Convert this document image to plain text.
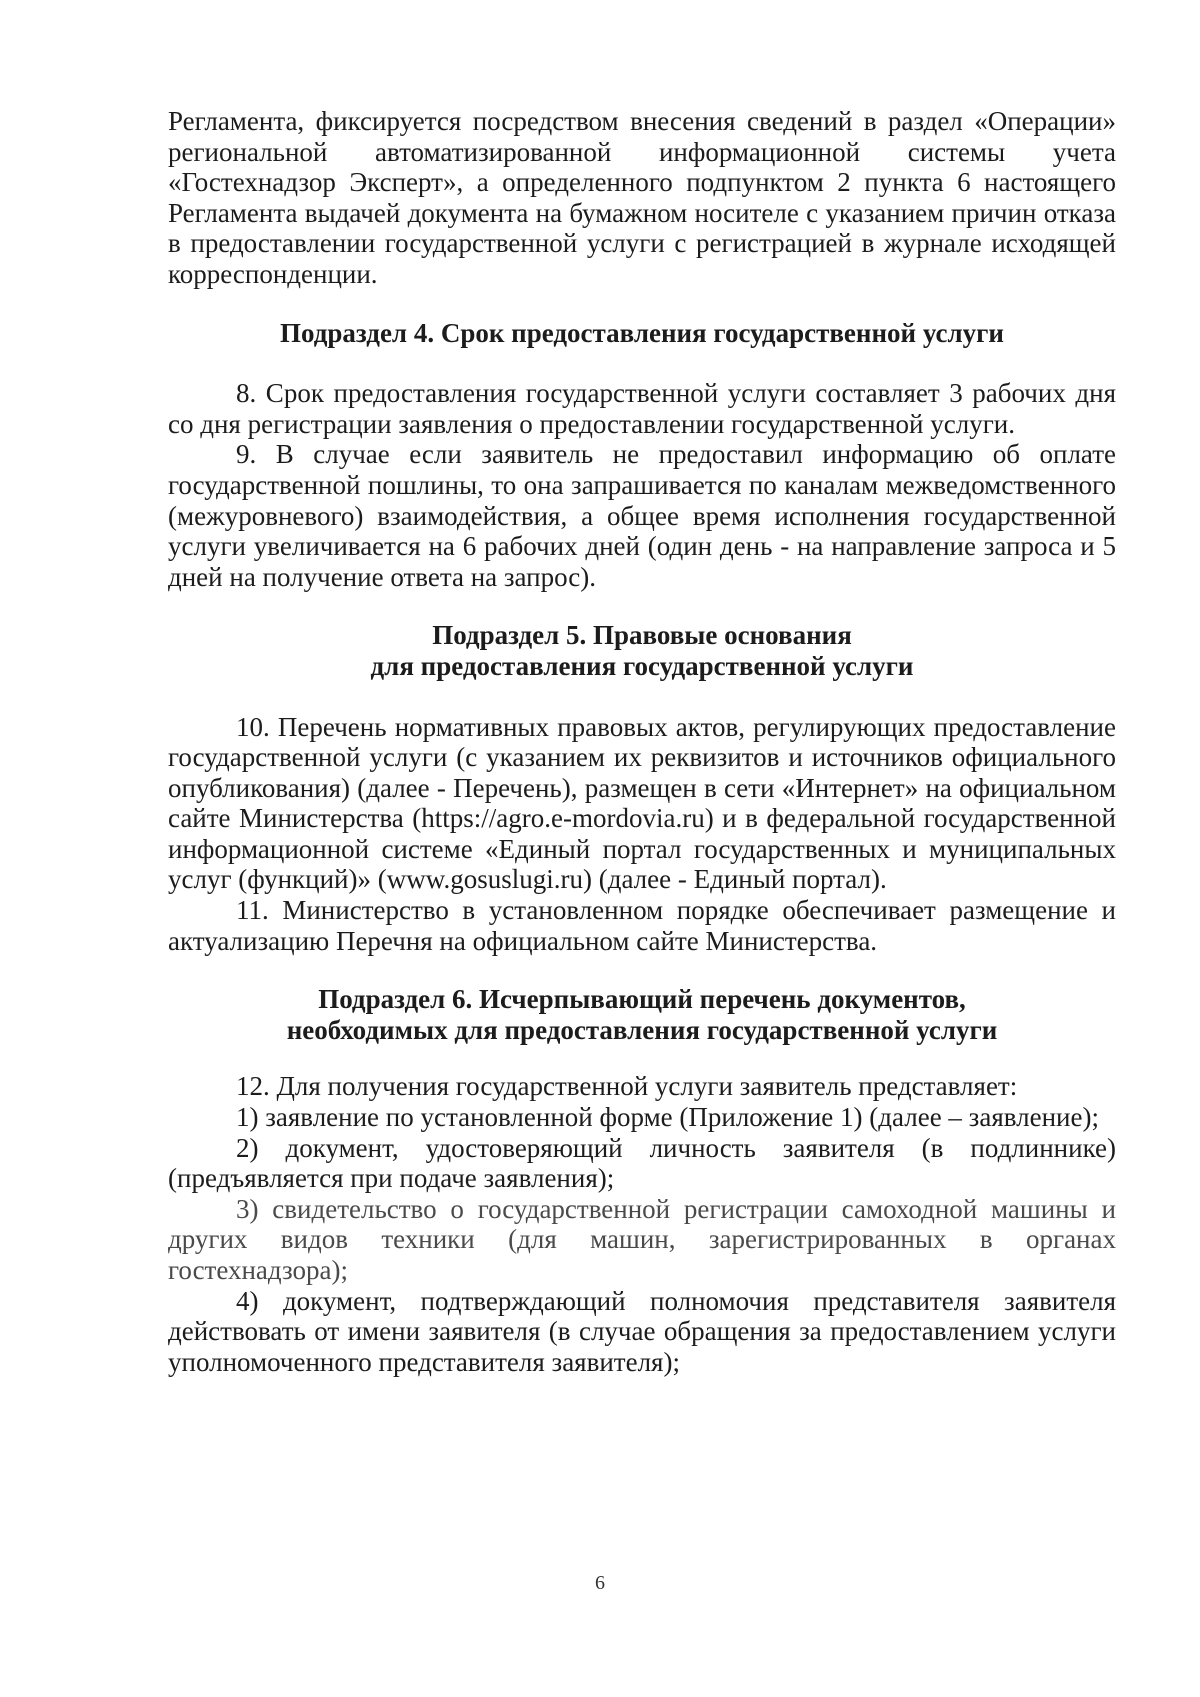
Регламента, фиксируется посредством внесения сведений в раздел «Операции» региональной автоматизированной информационной системы учета «Гостехнадзор Эксперт», а определенного подпунктом 2 пункта 6 настоящего Регламента выдачей документа на бумажном носителе с указанием причин отказа в предоставлении государственной услуги с регистрацией в журнале исходящей корреспонденции.

Подраздел 4. Срок предоставления государственной услуги

8. Срок предоставления государственной услуги составляет 3 рабочих дня со дня регистрации заявления о предоставлении государственной услуги.

9. В случае если заявитель не предоставил информацию об оплате государственной пошлины, то она запрашивается по каналам межведомственного (межуровневого) взаимодействия, а общее время исполнения государственной услуги увеличивается на 6 рабочих дней (один день - на направление запроса и 5 дней на получение ответа на запрос).

Подраздел 5. Правовые основания
для предоставления государственной услуги

10. Перечень нормативных правовых актов, регулирующих предоставление государственной услуги (с указанием их реквизитов и источников официального опубликования) (далее - Перечень), размещен в сети «Интернет» на официальном сайте Министерства (https://agro.e-mordovia.ru) и в федеральной государственной информационной системе «Единый портал государственных и муниципальных услуг (функций)» (www.gosuslugi.ru) (далее - Единый портал).

11. Министерство в установленном порядке обеспечивает размещение и актуализацию Перечня на официальном сайте Министерства.

Подраздел 6. Исчерпывающий перечень документов,
необходимых для предоставления государственной услуги

12. Для получения государственной услуги заявитель представляет:

1) заявление по установленной форме (Приложение 1) (далее – заявление);

2) документ, удостоверяющий личность заявителя (в подлиннике) (предъявляется при подаче заявления);

3) свидетельство о государственной регистрации самоходной машины и других видов техники (для машин, зарегистрированных в органах гостехнадзора);

4) документ, подтверждающий полномочия представителя заявителя действовать от имени заявителя (в случае обращения за предоставлением услуги уполномоченного представителя заявителя);

6
